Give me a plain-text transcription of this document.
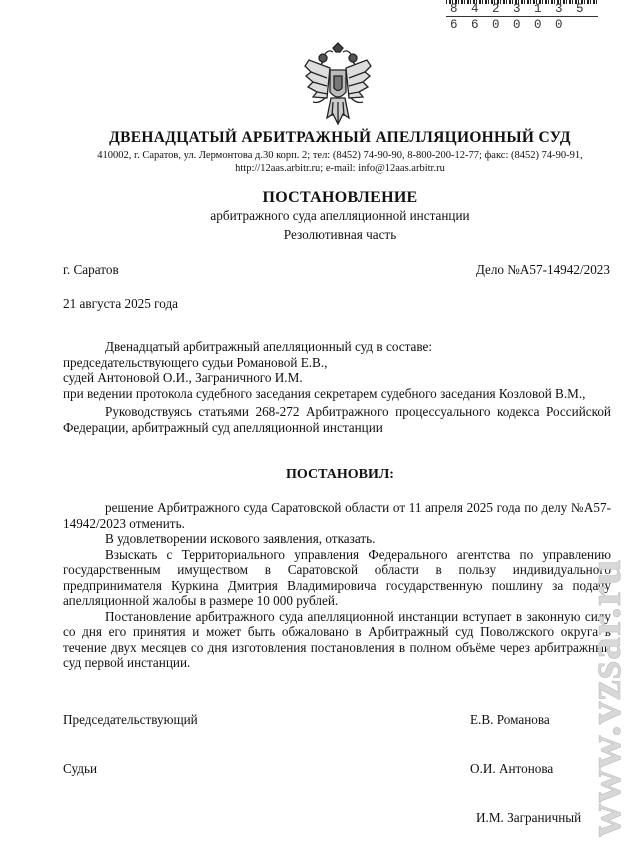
8 4 2 3 1 3 5 6 6 0 0 0 0
ДВЕНАДЦАТЫЙ АРБИТРАЖНЫЙ АПЕЛЛЯЦИОННЫЙ СУД
410002, г. Саратов, ул. Лермонтова д.30 корп. 2; тел: (8452) 74-90-90, 8-800-200-12-77; факс: (8452) 74-90-91,
http://12aas.arbitr.ru; e-mail: info@12aas.arbitr.ru
ПОСТАНОВЛЕНИЕ
арбитражного суда апелляционной инстанции
Резолютивная часть
г. Саратов	Дело №А57-14942/2023
21 августа 2025 года

Двенадцатый арбитражный апелляционный суд в составе:

председательствующего судьи Романовой Е.В.,

судей Антоновой О.И., Заграничного И.М.

при ведении протокола судебного заседания секретарем судебного заседания Козловой В.М.,

Руководствуясь статьями 268-272 Арбитражного процессуального кодекса Российской Федерации, арбитражный суд апелляционной инстанции

ПОСТАНОВИЛ:

решение Арбитражного суда Саратовской области от 11 апреля 2025 года по делу №А57-14942/2023 отменить.

В удовлетворении искового заявления, отказать.

Взыскать с Территориального управления Федерального агентства по управлению государственным имуществом в Саратовской области в пользу индивидуального предпринимателя Куркина Дмитрия Владимировича государственную пошлину за подачу апелляционной жалобы в размере 10 000 рублей.

Постановление арбитражного суда апелляционной инстанции вступает в законную силу со дня его принятия и может быть обжаловано в Арбитражный суд Поволжского округа в течение двух месяцев со дня изготовления постановления в полном объёме через арбитражный суд первой инстанции.

Председательствующий	Е.В. Романова
Судьи	О.И. Антонова
И.М. Заграничный
www.vzsar.ru
